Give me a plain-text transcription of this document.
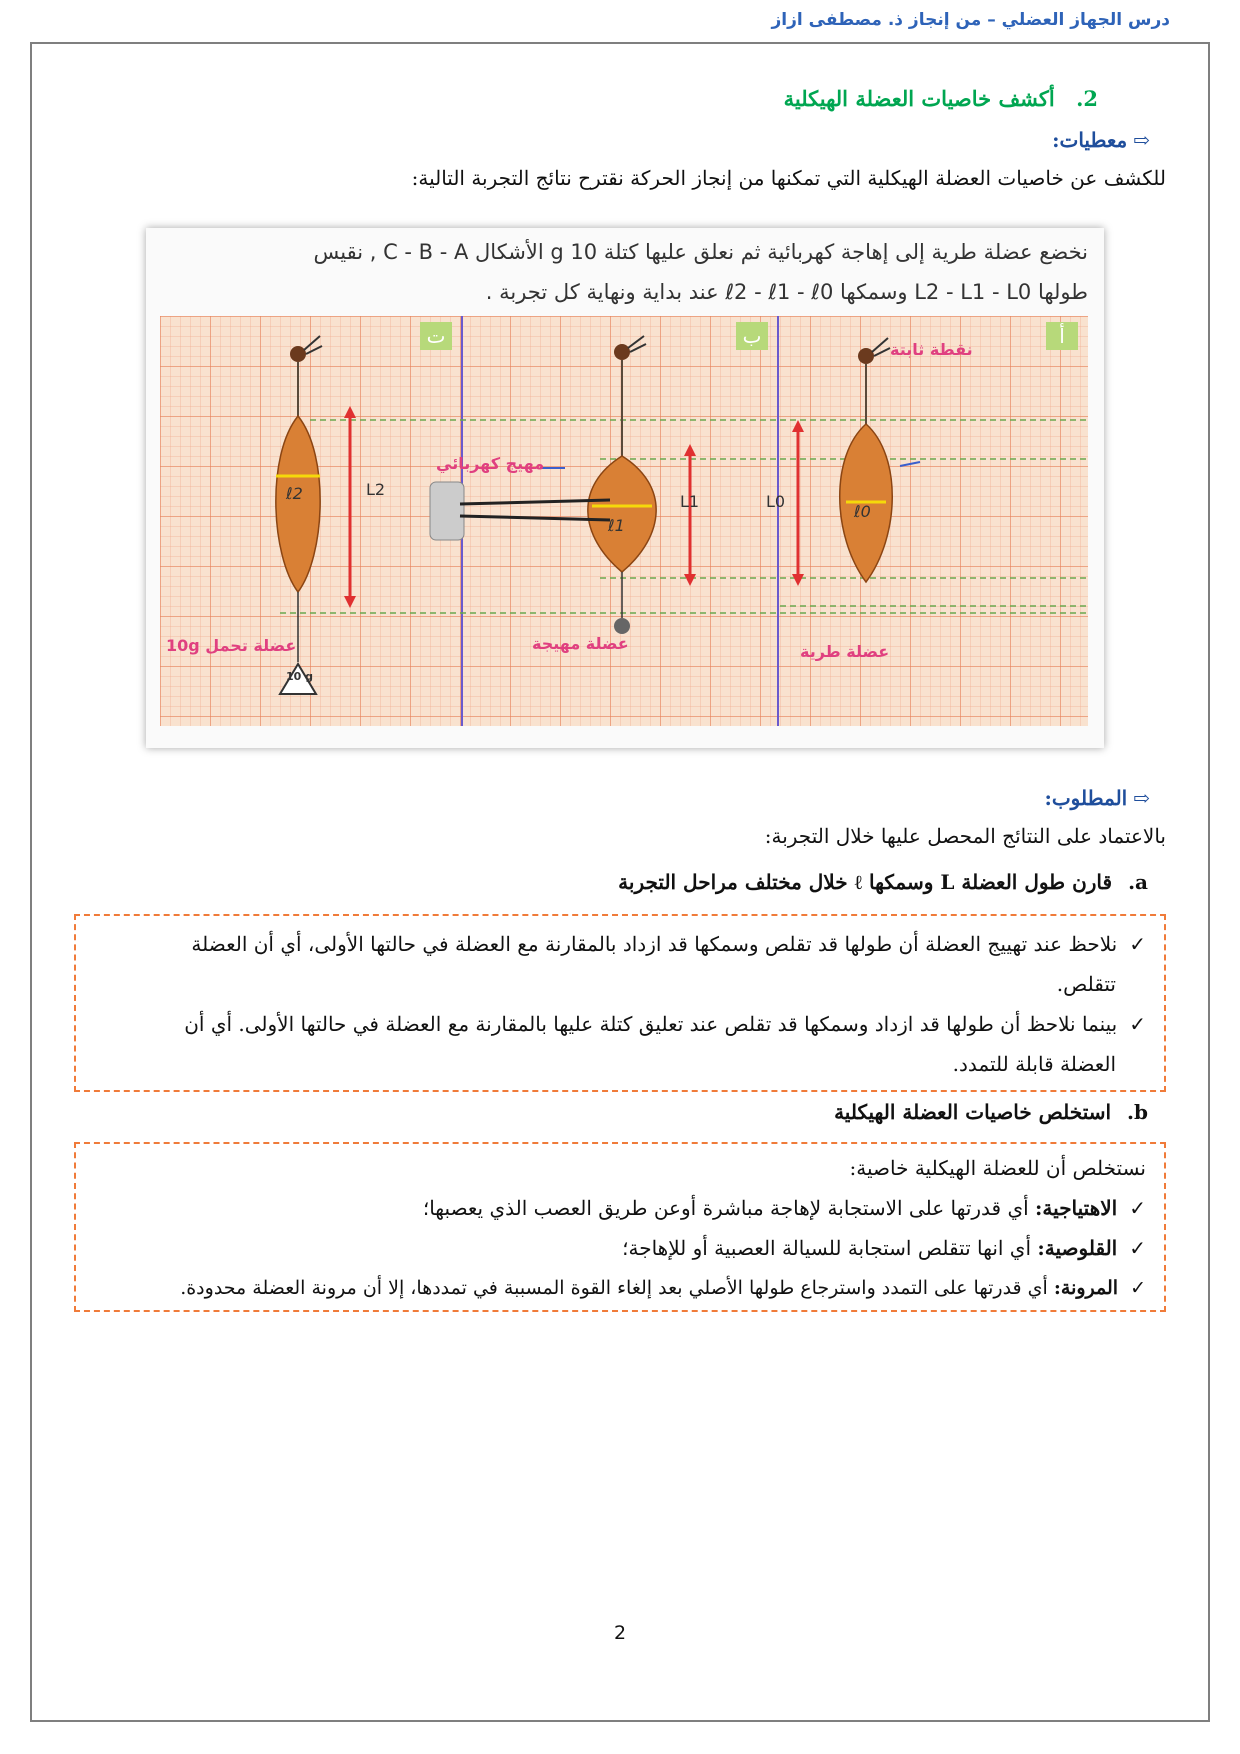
درس الجهاز العضلي – من إنجاز ذ. مصطفى ازاز
2. أكشف خاصيات العضلة الهيكلية
⇨معطيات:
للكشف عن خاصيات العضلة الهيكلية التي تمكنها من إنجاز الحركة نقترح نتائج التجربة التالية:
نخضع عضلة طرية إلى إهاجة كهربائية ثم نعلق عليها كتلة 10 g الأشكال C - B - A , نقيس
طولها L2 - L1 - L0 وسمكها ℓ2 - ℓ1 - ℓ0 عند بداية ونهاية كل تجربة .
أ
ب
ت
نقطة ثابتة
مهيج كهربائي
L0
L1
L2
ℓ0
ℓ1
ℓ2
10 g
عضلة طرية
عضلة مهيجة
عضلة تحمل 10g
⇨المطلوب:
بالاعتماد على النتائج المحصل عليها خلال التجربة:
a.قارن طول العضلة L وسمكها ℓ خلال مختلف مراحل التجربة
✓نلاحظ عند تهييج العضلة أن طولها قد تقلص وسمكها قد ازداد بالمقارنة مع العضلة في حالتها الأولى، أي أن العضلة
تتقلص.
✓بينما نلاحظ أن طولها قد ازداد وسمكها قد تقلص عند تعليق كتلة عليها بالمقارنة مع العضلة في حالتها الأولى. أي أن
العضلة قابلة للتمدد.
b.استخلص خاصيات العضلة الهيكلية
نستخلص أن للعضلة الهيكلية خاصية:
✓الاهتياجية: أي قدرتها على الاستجابة لإهاجة مباشرة أوعن طريق العصب الذي يعصبها؛
✓القلوصية: أي انها تتقلص استجابة للسيالة العصبية أو للإهاجة؛
✓المرونة: أي قدرتها على التمدد واسترجاع طولها الأصلي بعد إلغاء القوة المسببة في تمددها، إلا أن مرونة العضلة محدودة.
2
